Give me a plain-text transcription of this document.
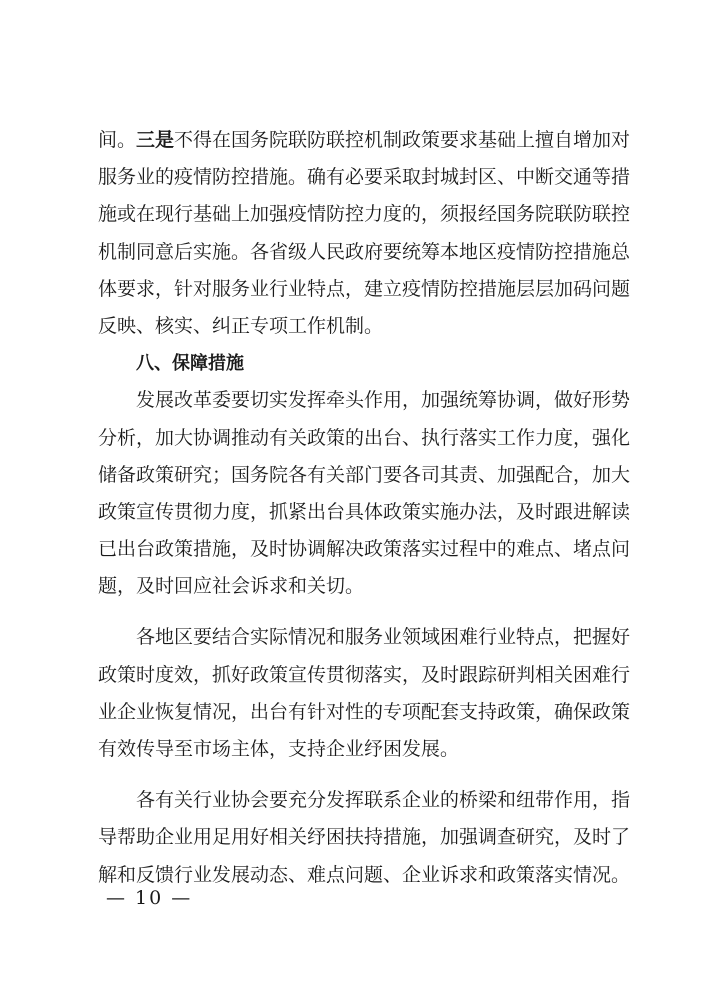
间。三是不得在国务院联防联控机制政策要求基础上擅自增加对
服务业的疫情防控措施。确有必要采取封城封区、中断交通等措
施或在现行基础上加强疫情防控力度的，须报经国务院联防联控
机制同意后实施。各省级人民政府要统筹本地区疫情防控措施总
体要求，针对服务业行业特点，建立疫情防控措施层层加码问题
反映、核实、纠正专项工作机制。
八、保障措施
发展改革委要切实发挥牵头作用，加强统筹协调，做好形势
分析，加大协调推动有关政策的出台、执行落实工作力度，强化
储备政策研究；国务院各有关部门要各司其责、加强配合，加大
政策宣传贯彻力度，抓紧出台具体政策实施办法，及时跟进解读
已出台政策措施，及时协调解决政策落实过程中的难点、堵点问
题，及时回应社会诉求和关切。
各地区要结合实际情况和服务业领域困难行业特点，把握好
政策时度效，抓好政策宣传贯彻落实，及时跟踪研判相关困难行
业企业恢复情况，出台有针对性的专项配套支持政策，确保政策
有效传导至市场主体，支持企业纾困发展。
各有关行业协会要充分发挥联系企业的桥梁和纽带作用，指
导帮助企业用足用好相关纾困扶持措施，加强调查研究，及时了
解和反馈行业发展动态、难点问题、企业诉求和政策落实情况。
— 10 —
